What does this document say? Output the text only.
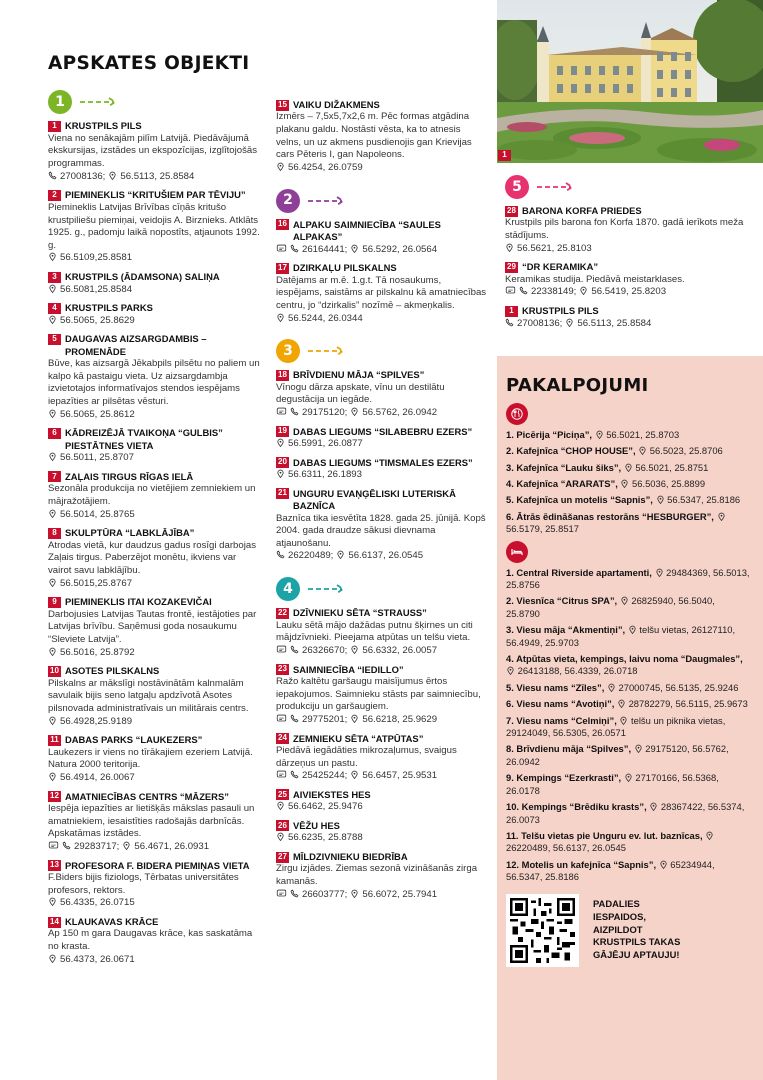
1
APSKATES OBJEKTI
1
1 KRUSTPILS PILS
Viena no senākajām pilīm Latvijā. Piedāvājumā ekskursijas, izstādes un ekspozīcijas, izglītojošās programmas.
27008136; 56.5113, 25.8584
2 PIEMINEKLIS “KRITUŠIEM PAR TĒVIJU”
Piemineklis Latvijas Brīvības cīņās kritušo krustpiliešu piemiņai, veidojis A. Birznieks. Atklāts 1925. g., padomju laikā nopostīts, atjaunots 1992. g.
56.5109,25.8581
3 KRUSTPILS (ĀDAMSONA) SALIŅA
56.5081,25.8584
4 KRUSTPILS PARKS
56.5065, 25.8629
5 DAUGAVAS AIZSARGDAMBIS – PROMENĀDE
Būve, kas aizsargā Jēkabpils pilsētu no paliem un kalpo kā pastaigu vieta. Uz aizsargdambja izvietotajos informatīvajos stendos iespējams iepazīties ar pilsētas vēsturi.
56.5065, 25.8612
6 KĀDREIZĒJĀ TVAIKOŅA “GULBIS” PIESTĀTNES VIETA
56.5011, 25.8707
7 ZAĻAIS TIRGUS RĪGAS IELĀ
Sezonāla produkcija no vietējiem zemniekiem un mājražotājiem.
56.5014, 25.8765
8 SKULPTŪRA “LABKLĀJĪBA”
Atrodas vietā, kur daudzus gadus rosīgi darbojas Zaļais tirgus. Paberzējot monētu, ikviens var vairot savu labklājību.
56.5015,25.8767
9 PIEMINEKLIS ITAI KOZAKEVIČAI
Darbojusies Latvijas Tautas frontē, iestājoties par Latvijas brīvību. Saņēmusi goda nosaukumu “Sleviete Latvija”.
56.5016, 25.8792
10 ASOTES PILSKALNS
Pilskalns ar mākslīgi nostāvinātām kalnmalām savulaik bijis seno latgaļu apdzīvotā Asotes pilsnovada administratīvais un militārais centrs.
56.4928,25.9189
11 DABAS PARKS “LAUKEZERS”
Laukezers ir viens no tīrākajiem ezeriem Latvijā. Natura 2000 teritorija.
56.4914, 26.0067
12 AMATNIECĪBAS CENTRS “MĀZERS”
Iespēja iepazīties ar lietišķās mākslas pasauli un amatniekiem, iesaistīties radošajās darbnīcās. Apskatāmas izstādes.
29283717; 56.4671, 26.0931
13 PROFESORA F. BIDERA PIEMIŅAS VIETA
F.Biders bijis fiziologs, Tērbatas universitātes profesors, rektors.
56.4335, 26.0715
14 KLAUKAVAS KRĀCE
Ap 150 m gara Daugavas krāce, kas saskatāma no krasta.
56.4373, 26.0671
15 VAIKU DIŽAKMENS
Izmērs – 7,5x5,7x2,6 m. Pēc formas atgādina plakanu galdu. Nostāsti vēsta, ka to atnesis velns, un uz akmens pusdienojis gan Krievijas cars Pēteris I, gan Napoleons.
56.4254, 26.0759
2
16 ALPAKU SAIMNIECĪBA “SAULES ALPAKAS”
26164441; 56.5292, 26.0564
17 DZIRKAĻU PILSKALNS
Datējams ar m.ē. 1.g.t. Tā nosaukums, iespējams, saistāms ar pilskalnu kā amatniecības centru, jo “dzirkalis” nozīmē – akmeņkalis.
56.5244, 26.0344
3
18 BRĪVDIENU MĀJA “SPILVES”
Vīnogu dārza apskate, vīnu un destilātu degustācija un iegāde.
29175120; 56.5762, 26.0942
19 DABAS LIEGUMS “SILABEBRU EZERS”
56.5991, 26.0877
20 DABAS LIEGUMS “TIMSMALES EZERS”
56.6311, 26.1893
21 UNGURU EVAŅĢĒLISKI LUTERISKĀ BAZNĪCA
Baznīca tika iesvētīta 1828. gada 25. jūnijā. Kopš 2004. gada draudze sākusi dievnama atjaunošanu.
26220489; 56.6137, 26.0545
4
22 DZĪVNIEKU SĒTA “STRAUSS”
Lauku sētā mājo dažādas putnu šķirnes un citi mājdzīvnieki. Pieejama atpūtas un telšu vieta.
26326670; 56.6332, 26.0057
23 SAIMNIECĪBA “IEDILLO”
Ražo kaltētu garšaugu maisījumus ērtos iepakojumos. Saimnieku stāsts par saimniecību, produkciju un garšaugiem.
29775201; 56.6218, 25.9629
24 ZEMNIEKU SĒTA “ATPŪTAS”
Piedāvā iegādāties mikrozaļumus, svaigus dārzeņus un pastu.
25425244; 56.6457, 25.9531
25 AIVIEKSTES HES
56.6462, 25.9476
26 VĒŽU HES
56.6235, 25.8788
27 MĪLDZIVNIEKU BIEDRĪBA
Zirgu izjādes. Ziemas sezonā vizināšanās zirga kamanās.
26603777; 56.6072, 25.7941
5
28 BARONA KORFA PRIEDES
Krustpils pils barona fon Korfa 1870. gadā ierīkots meža stādījums.
56.5621, 25.8103
29 “DR KERAMIKA”
Keramikas studija. Piedāvā meistarklases.
22338149; 56.5419, 25.8203
1 KRUSTPILS PILS
27008136; 56.5113, 25.8584
PAKALPOJUMI
1. Picērija “Piciņa”, 56.5021, 25.8703
2. Kafejnīca “CHOP HOUSE”, 56.5023, 25.8706
3. Kafejnīca “Lauku šiks”, 56.5021, 25.8751
4. Kafejnīca “ARARATS”, 56.5036, 25.8899
5. Kafejnīca un motelis “Sapnis”, 56.5347, 25.8186
6. Ātrās ēdināšanas restorāns “HESBURGER”,  56.5179, 25.8517
1. Central Riverside apartamenti, 29484369, 56.5013, 25.8756
2. Viesnīca “Citrus SPA”, 26825940, 56.5040, 25.8790
3. Viesu māja “Akmentiņi”, telšu vietas, 26127110, 56.4949, 25.9703
4. Atpūtas vieta, kempings, laivu noma “Daugmales”,  26413188, 56.4339, 26.0718
5. Viesu nams “Zīles”, 27000745, 56.5135, 25.9246
6. Viesu nams “Avotiņi”, 28782279, 56.5115, 25.9673
7. Viesu nams “Celmiņi”, telšu un piknika vietas, 29124049, 56.5305, 26.0571
8. Brīvdienu māja “Spilves”, 29175120, 56.5762, 26.0942
9. Kempings “Ezerkrasti”, 27170166, 56.5368, 26.0178
10. Kempings “Brēdiku krasts”, 28367422, 56.5374, 26.0073
11. Telšu vietas pie Unguru ev. lut. baznīcas,  26220489, 56.6137, 26.0545
12. Motelis un kafejnīca “Sapnis”, 65234944, 56.5347, 25.8186
PADALIES IESPAIDOS, AIZPILDOT KRUSTPILS TAKAS GĀJĒJU APTAUJU!
